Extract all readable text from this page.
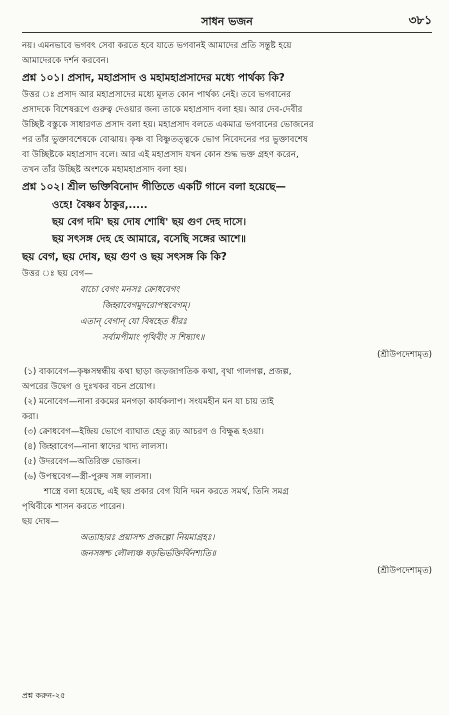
সাধন ভজন	৩৮১

নয়। এমনভাবে ভগবৎ সেবা করতে হবে যাতে ভগবানই আমাদের প্রতি সন্তুষ্ট হয়ে

আমাদেরকে দর্শন করবেন।

প্রশ্ন ১০১। প্রসাদ, মহাপ্রসাদ ও মহামহাপ্রসাদের মধ্যে পার্থক্য কি?

উত্তর ঃ প্রসাদ আর মহাপ্রসাদের মধ্যে মূলত কোন পার্থক্য নেই। তবে ভগবানের

প্রসাদকে বিশেষরূপে গুরুত্ব দেওয়ার জন্য তাকে মহাপ্রসাদ বলা হয়। আর দেব-দেবীর

উচ্ছিষ্ট বস্তুকে সাধারণত প্রসাদ বলা হয়। মহাপ্রসাদ বলতে একমাত্র ভগবানের ভোজনের

পর তাঁর ভুক্তাবশেষকে বোঝায়। কৃষ্ণ বা বিষ্ণুতত্ত্বকে ভোগ নিবেদনের পর ভুক্তাবশেষ

বা উচ্ছিষ্টকে মহাপ্রসাদ বলে। আর এই মহাপ্রসাদ যখন কোন শুদ্ধ ভক্ত গ্রহণ করেন,

তখন তাঁর উচ্ছিষ্ট অংশকে মহামহাপ্রসাদ বলা হয়।

প্রশ্ন ১০২। শ্রীল ভক্তিবিনোদ গীতিতে একটি গানে বলা হয়েছে—

ওহে! বৈষ্ণব ঠাকুর,.....

ছয় বেগ দমি' ছয় দোষ শোধি' ছয় গুণ দেহ দাসে।

ছয় সৎসঙ্গ দেহ হে আমারে, বসেছি সঙ্গের আশে॥

ছয় বেগ, ছয় দোষ, ছয় গুণ ও ছয় সৎসঙ্গ কি কি?

উত্তর ঃ ছয় বেগ—

বাচো বেগং মনসঃ ক্রোধবেগং

জিহ্বাবেগমুদরোপস্থবেগম্।

এতান্ বেগান্ যো বিষহেত ধীরঃ

সর্বামপীমাং পৃথিবীং স শিষ্যাৎ॥

(শ্রীউপদেশামৃত)

(১) বাক্যবেগ—কৃষ্ণসম্বন্ধীয় কথা ছাড়া জড়জাগতিক কথা, বৃথা গালগল্প, প্রজল্প,

অপরের উদ্বেগ ও দুঃখকর বচন প্রয়োগ।

(২) মনোবেগ—নানা রকমের মনগড়া কার্যকলাপ। সংযমহীন মন যা চায় তাই

করা।

(৩) ক্রোধবেগ—ইন্দ্রিয় ভোগে ব্যাঘাত হেতু রূঢ় আচরণ ও বিক্ষুব্ধ হওয়া।

(৪) জিহ্বাবেগ—নানা স্বাদের খাদ্য লালসা।

(৫) উদরবেগ—অতিরিক্ত ভোজন।

(৬) উপস্থবেগ—স্ত্রী-পুরুষ সঙ্গ লালসা।

শাস্ত্রে বলা হয়েছে, এই ছয় প্রকার বেগ যিনি দমন করতে সমর্থ, তিনি সমগ্র

পৃথিবীকে শাসন করতে পারেন।

ছয় দোষ—

অত্যাহারঃ প্রয়াসশ্চ প্রজল্পো নিয়মাগ্রহঃ।

জনসঙ্গশ্চ লৌল্যঞ্চ ষড়ভির্ভক্তির্বিনশ্যতি॥

(শ্রীউপদেশামৃত)

প্রশ্ন করুন-২৫
